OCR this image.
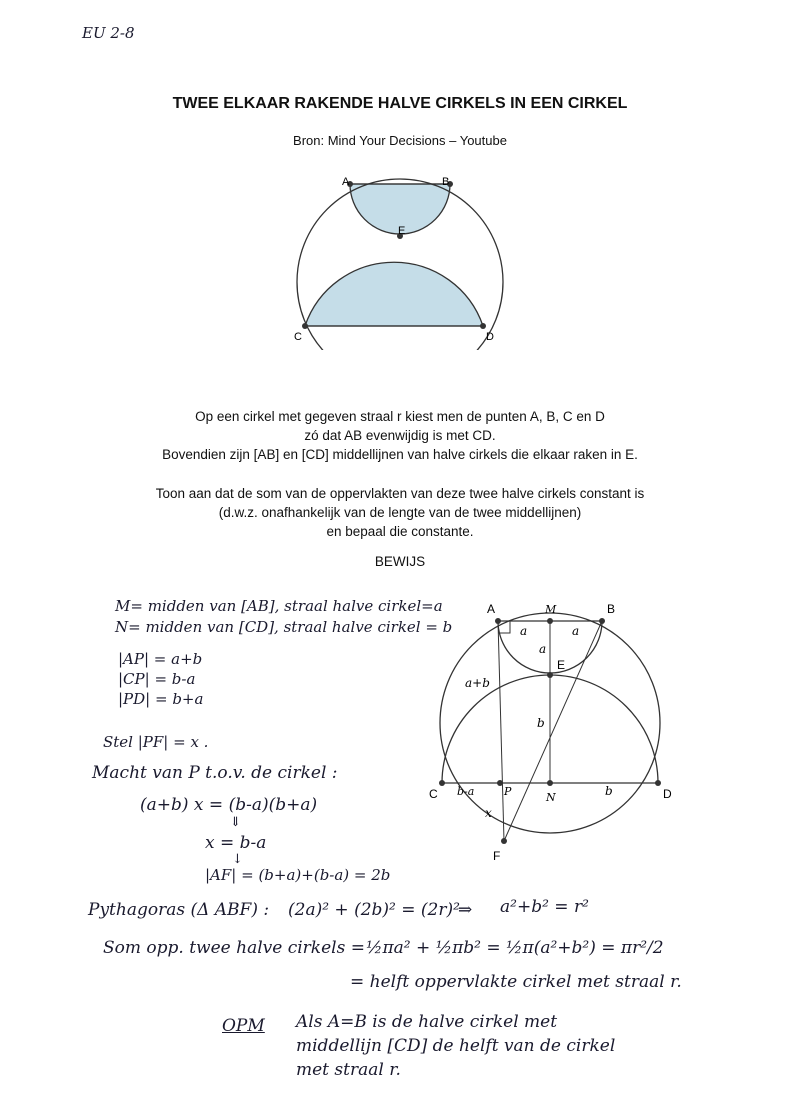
EU 2-8
TWEE ELKAAR RAKENDE HALVE CIRKELS IN EEN CIRKEL
Bron: Mind Your Decisions – Youtube
A	B
E
C	D
Op een cirkel met gegeven straal r kiest men de punten A, B, C en D
zó dat AB evenwijdig is met CD.
Bovendien zijn [AB] en [CD] middellijnen van halve cirkels die elkaar raken in E.
Toon aan dat de som van de oppervlakten van deze twee halve cirkels constant is
(d.w.z. onafhankelijk van de lengte van de twee middellijnen)
en bepaal die constante.
BEWIJS
A	M	B
E
C	P	N	D
F
a	a
a
a+b
b
b-a	b
x
M= midden van [AB], straal halve cirkel=a
N= midden van [CD], straal halve cirkel = b
|AP| = a+b
|CP| = b-a
|PD| = b+a
Stel |PF| = x .
Macht van P t.o.v. de cirkel :
(a+b) x = (b-a)(b+a)
⇓
x = b-a
↓
|AF| = (b+a)+(b-a) = 2b
Pythagoras (Δ ABF) : (2a)² + (2b)² = (2r)²
⇒ a²+b² = r²
Som opp. twee halve cirkels = ½πa² + ½πb² = ½π(a²+b²) = πr²/2
= helft oppervlakte cirkel met straal r.
OPM Als A=B is de halve cirkel met
middellijn [CD] de helft van de cirkel
met straal r.
